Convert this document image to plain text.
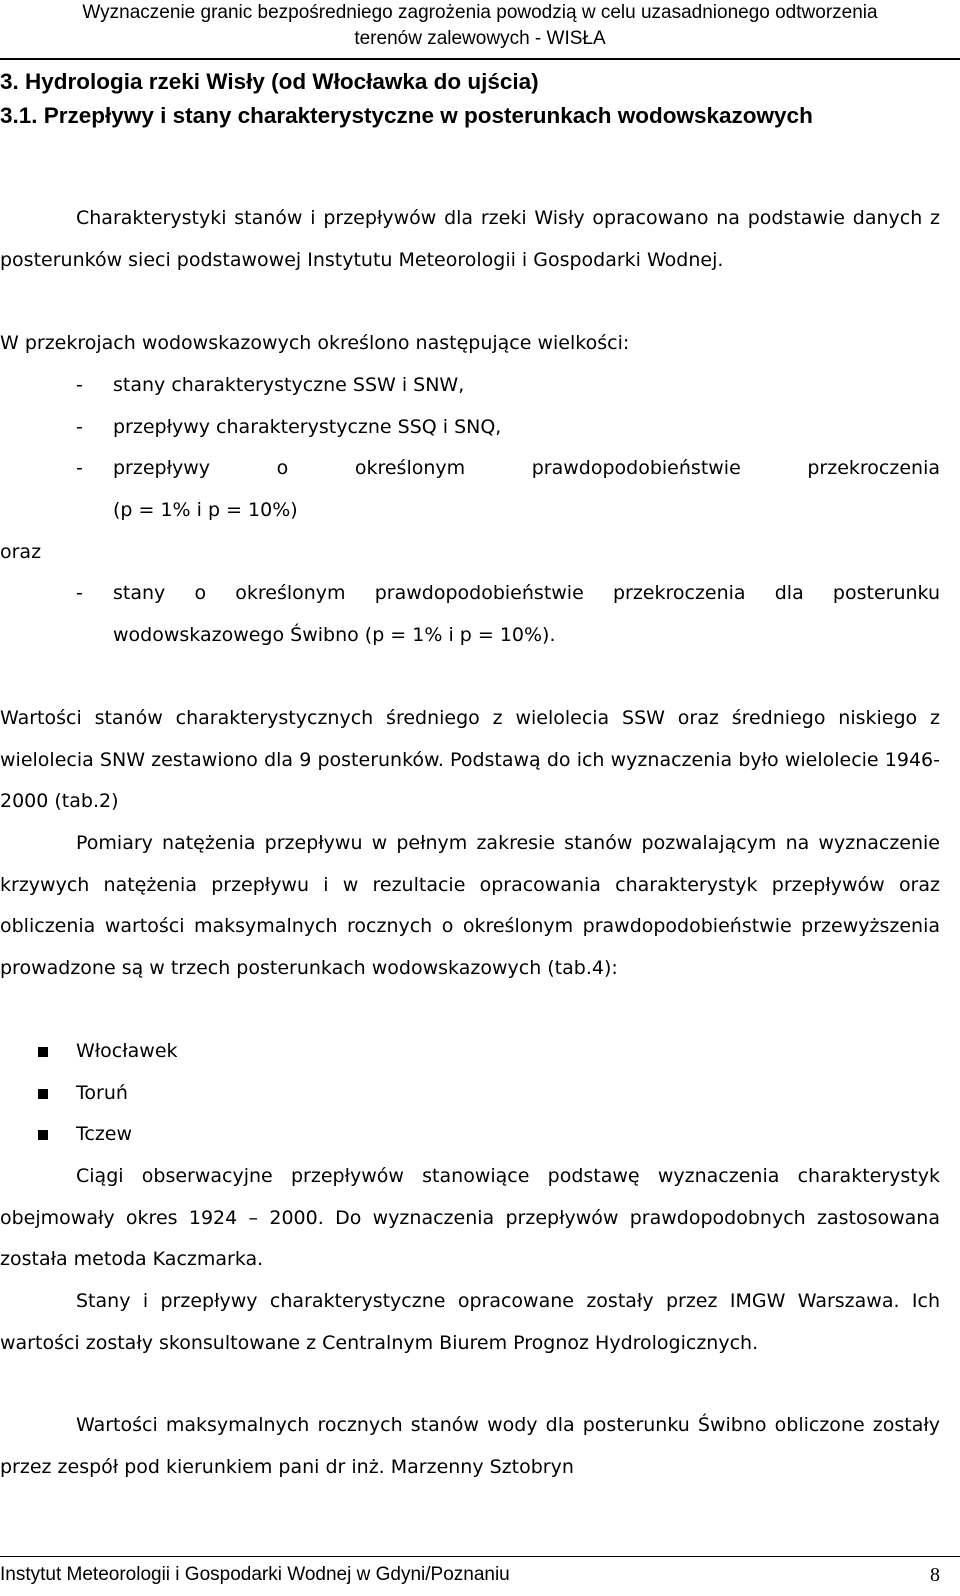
Wyznaczenie granic bezpośredniego zagrożenia powodzią w celu uzasadnionego odtworzenia
terenów zalewowych - WISŁA
3. Hydrologia rzeki Wisły (od Włocławka do ujścia)
3.1. Przepływy i stany charakterystyczne w posterunkach wodowskazowych

Charakterystyki stanów i przepływów dla rzeki Wisły opracowano na podstawie danych z posterunków sieci podstawowej Instytutu Meteorologii i Gospodarki Wodnej.

W przekrojach wodowskazowych określono następujące wielkości:

- stany charakterystyczne SSW i SNW,
- przepływy charakterystyczne SSQ i SNQ,
- przepływy o określonym prawdopodobieństwie przekroczenia
(p = 1% i p = 10%)
oraz
- stany o określonym prawdopodobieństwie przekroczenia dla posterunku
wodowskazowego Świbno (p = 1% i p = 10%).

Wartości stanów charakterystycznych średniego z wielolecia SSW oraz średniego niskiego z wielolecia SNW zestawiono dla 9 posterunków. Podstawą do ich wyznaczenia było wielolecie 1946-2000 (tab.2)

Pomiary natężenia przepływu w pełnym zakresie stanów pozwalającym na wyznaczenie krzywych natężenia przepływu i w rezultacie opracowania charakterystyk przepływów oraz obliczenia wartości maksymalnych rocznych o określonym prawdopodobieństwie przewyższenia prowadzone są w trzech posterunkach wodowskazowych (tab.4):

Włocławek
Toruń
Tczew

Ciągi obserwacyjne przepływów stanowiące podstawę wyznaczenia charakterystyk obejmowały okres 1924 – 2000. Do wyznaczenia przepływów prawdopodobnych zastosowana została metoda Kaczmarka.

Stany i przepływy charakterystyczne opracowane zostały przez IMGW Warszawa. Ich wartości zostały skonsultowane z Centralnym Biurem Prognoz Hydrologicznych.

Wartości maksymalnych rocznych stanów wody dla posterunku Świbno obliczone zostały przez zespół pod kierunkiem pani dr inż. Marzenny Sztobryn

Instytut Meteorologii i Gospodarki Wodnej w Gdyni/Poznaniu	8
